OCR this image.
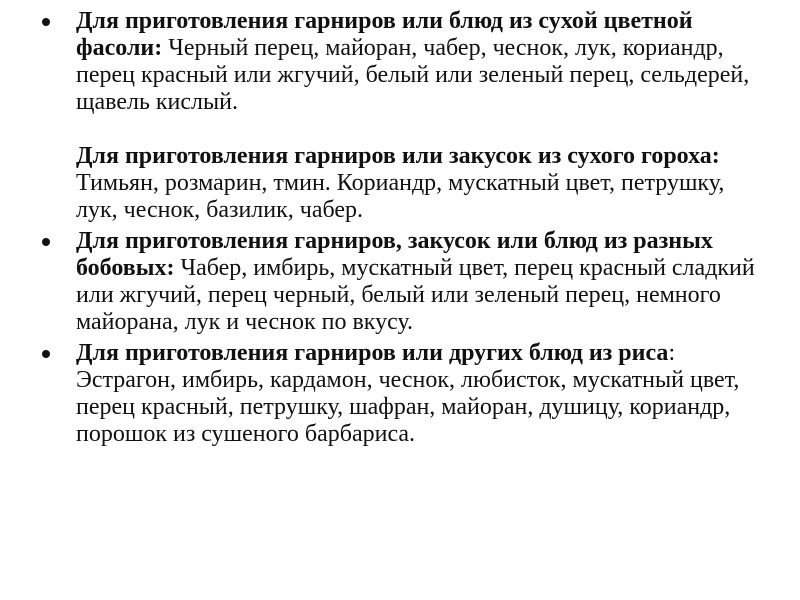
Для приготовления гарниров или блюд из сухой цветной фасоли: Черный перец, майоран, чабер, чеснок, лук, кориандр, перец красный или жгучий, белый или зеленый перец, сельдерей, щавель кислый.
Для приготовления гарниров или закусок из сухого гороха: Тимьян, розмарин, тмин. Кориандр, мускатный цвет, петрушку, лук, чеснок, базилик, чабер.
Для приготовления гарниров, закусок или блюд из разных бобовых: Чабер, имбирь, мускатный цвет, перец красный сладкий или жгучий, перец черный, белый или зеленый перец, немного майорана, лук и чеснок по вкусу.
Для приготовления гарниров или других блюд из риса: Эстрагон, имбирь, кардамон, чеснок, любисток, мускатный цвет, перец красный, петрушку, шафран, майоран, душицу, кориандр, порошок из сушеного барбариса.
